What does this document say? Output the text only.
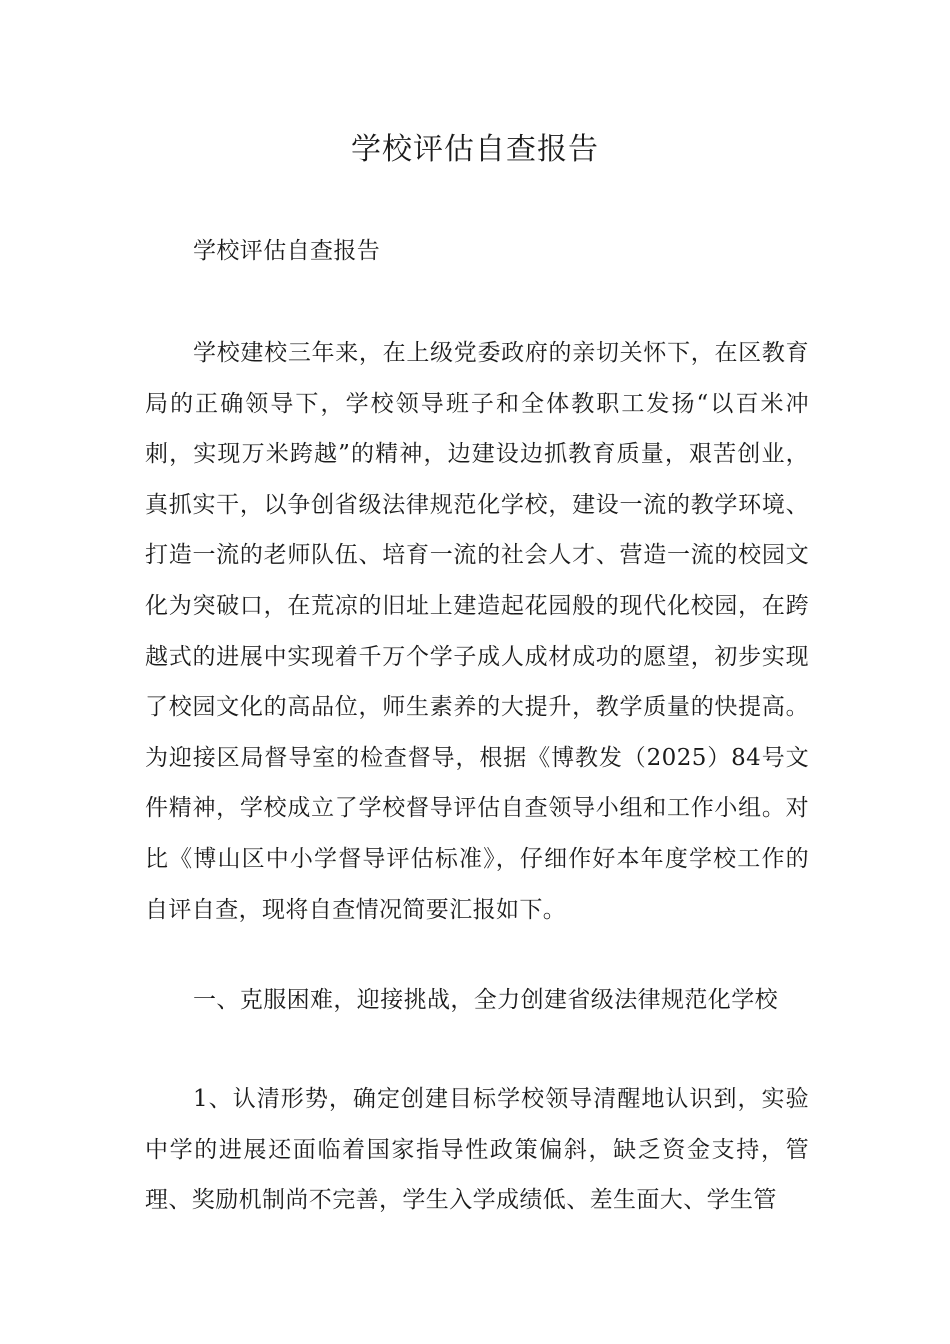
学校评估自查报告

学校评估自查报告

学校建校三年来，在上级党委政府的亲切关怀下，在区教育局的正确领导下，学校领导班子和全体教职工发扬“以百米冲刺，实现万米跨越”的精神，边建设边抓教育质量，艰苦创业，真抓实干，以争创省级法律规范化学校，建设一流的教学环境、打造一流的老师队伍、培育一流的社会人才、营造一流的校园文化为突破口，在荒凉的旧址上建造起花园般的现代化校园，在跨越式的进展中实现着千万个学子成人成材成功的愿望，初步实现了校园文化的高品位，师生素养的大提升，教学质量的快提高。为迎接区局督导室的检查督导，根据《博教发（2025）84号文件精神，学校成立了学校督导评估自查领导小组和工作小组。对比《博山区中小学督导评估标准》，仔细作好本年度学校工作的自评自查，现将自查情况简要汇报如下。

一、克服困难，迎接挑战，全力创建省级法律规范化学校

1、认清形势，确定创建目标学校领导清醒地认识到，实验中学的进展还面临着国家指导性政策偏斜，缺乏资金支持，管理、奖励机制尚不完善，学生入学成绩低、差生面大、学生管
